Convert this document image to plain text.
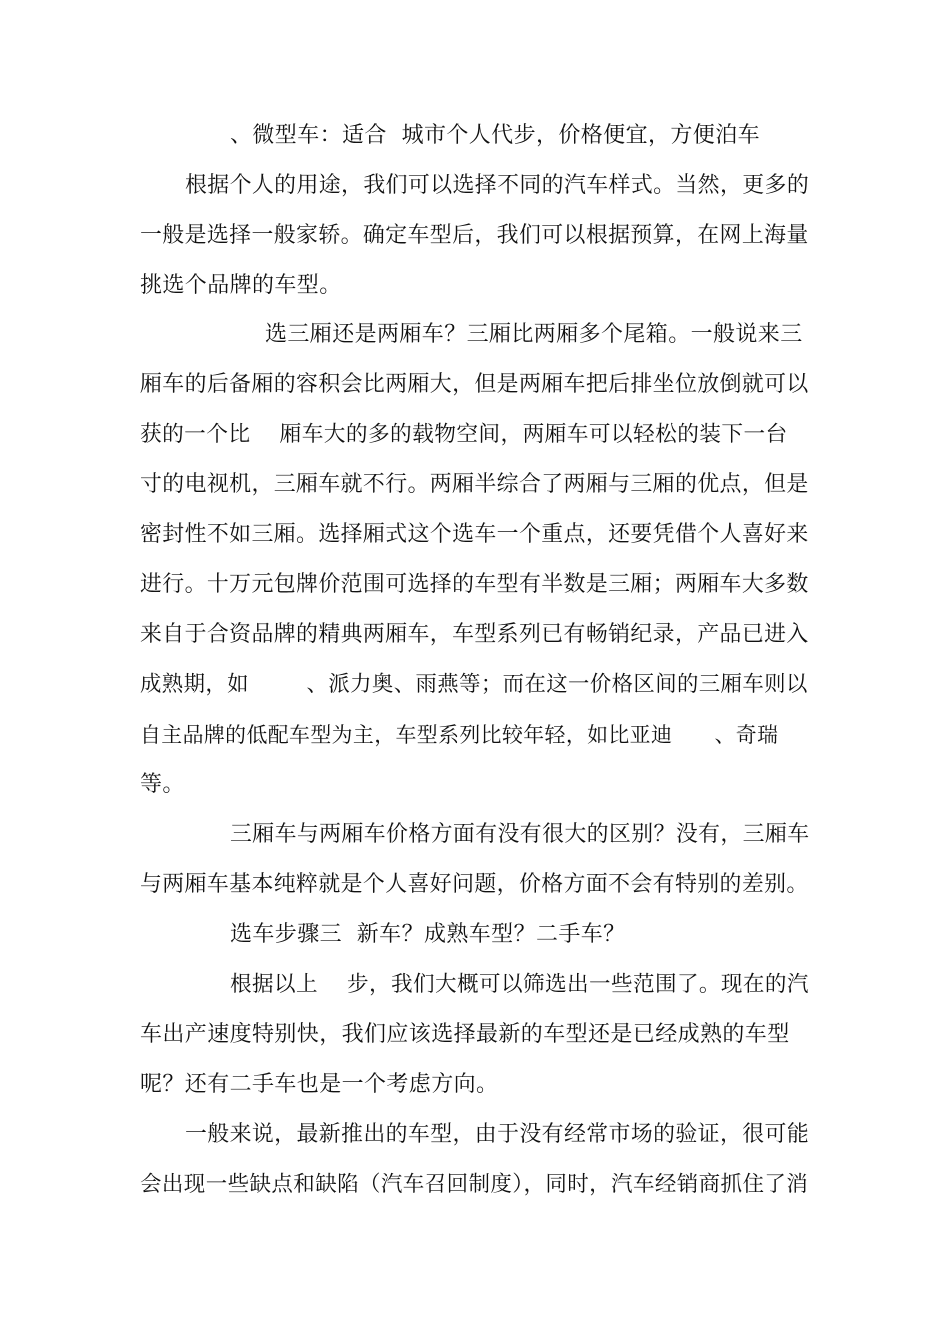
、微型车：适合  城市个人代步，价格便宜，方便泊车
根据个人的用途，我们可以选择不同的汽车样式。当然，更多的
一般是选择一般家轿。确定车型后，我们可以根据预算，在网上海量
挑选个品牌的车型。
选三厢还是两厢车？三厢比两厢多个尾箱。一般说来三
厢车的后备厢的容积会比两厢大，但是两厢车把后排坐位放倒就可以
获的一个比    厢车大的多的载物空间，两厢车可以轻松的装下一台
寸的电视机，三厢车就不行。两厢半综合了两厢与三厢的优点，但是
密封性不如三厢。选择厢式这个选车一个重点，还要凭借个人喜好来
进行。十万元包牌价范围可选择的车型有半数是三厢；两厢车大多数
来自于合资品牌的精典两厢车，车型系列已有畅销纪录，产品已进入
成熟期，如        、派力奥、雨燕等；而在这一价格区间的三厢车则以
自主品牌的低配车型为主，车型系列比较年轻，如比亚迪      、奇瑞
等。
三厢车与两厢车价格方面有没有很大的区别？没有，三厢车
与两厢车基本纯粹就是个人喜好问题，价格方面不会有特别的差别。
选车步骤三  新车？成熟车型？二手车？
根据以上    步，我们大概可以筛选出一些范围了。现在的汽
车出产速度特别快，我们应该选择最新的车型还是已经成熟的车型
呢？还有二手车也是一个考虑方向。
一般来说，最新推出的车型，由于没有经常市场的验证，很可能
会出现一些缺点和缺陷（汽车召回制度），同时，汽车经销商抓住了消
